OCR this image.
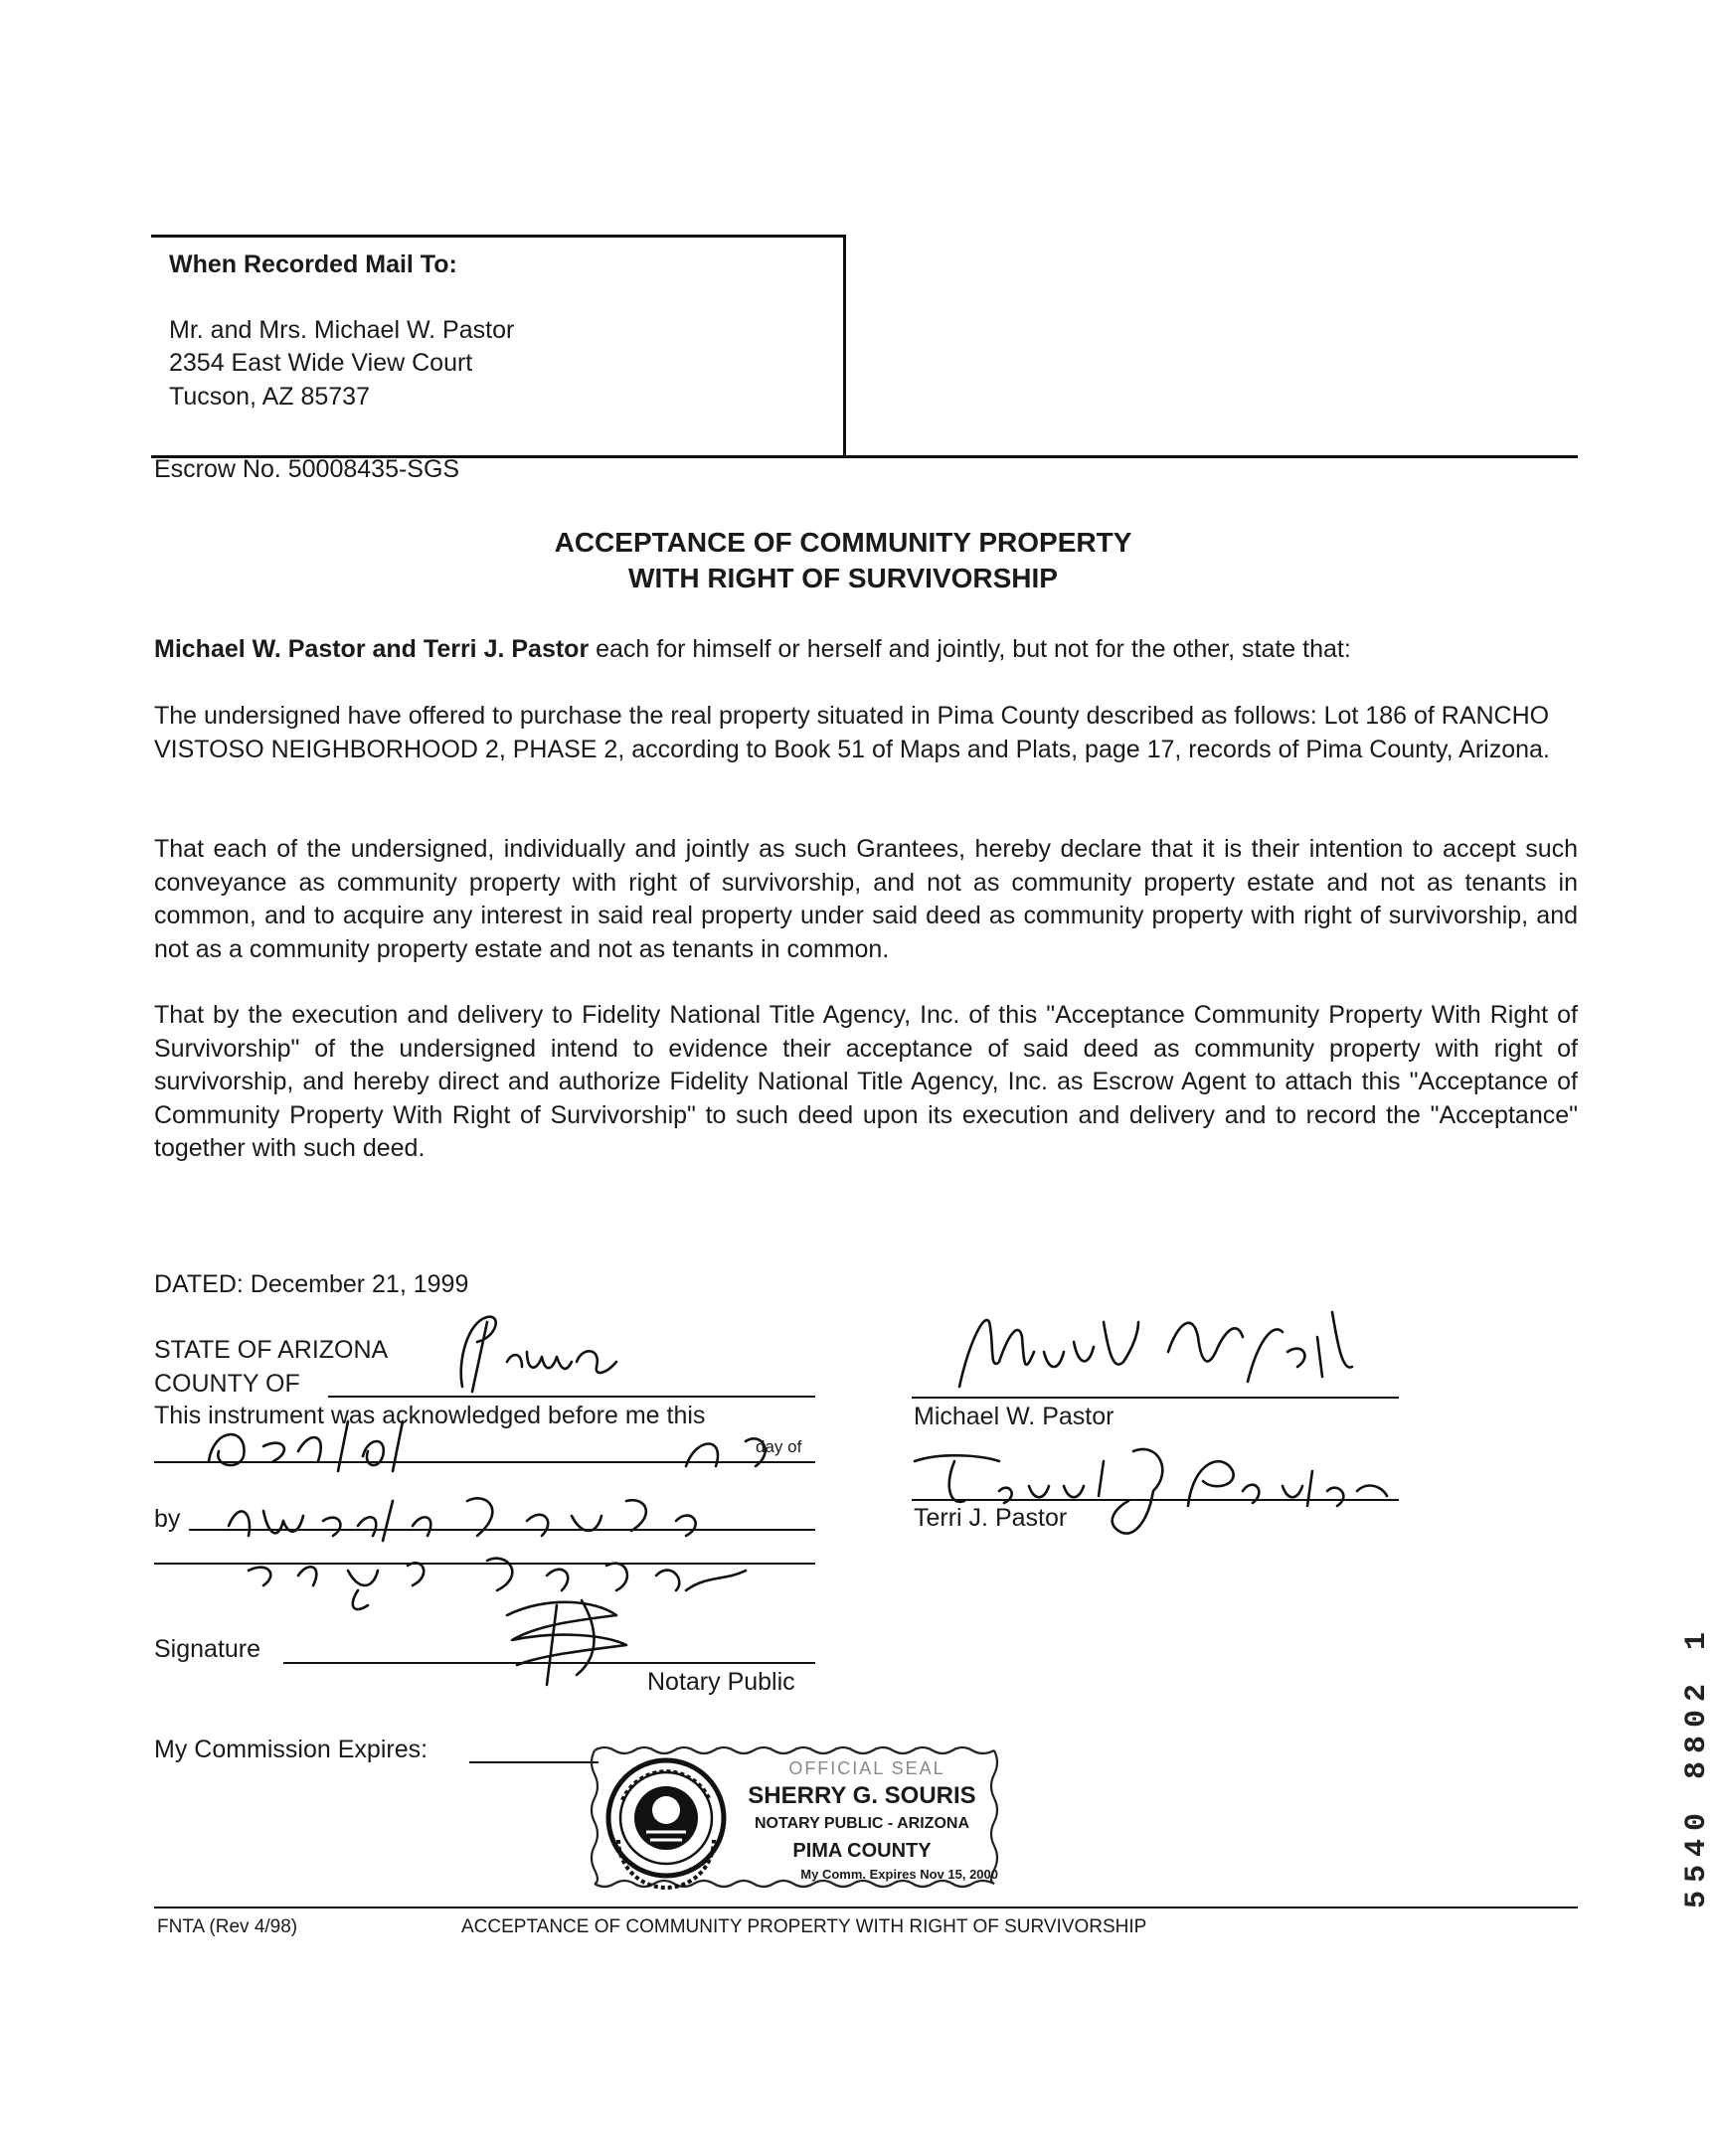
When Recorded Mail To:
Mr. and Mrs. Michael W. Pastor
2354 East Wide View Court
Tucson, AZ 85737
Escrow No. 50008435-SGS
ACCEPTANCE OF COMMUNITY PROPERTY
WITH RIGHT OF SURVIVORSHIP
Michael W. Pastor and Terri J. Pastor each for himself or herself and jointly, but not for the other, state that:
The undersigned have offered to purchase the real property situated in Pima County described as follows: Lot 186 of RANCHO VISTOSO NEIGHBORHOOD 2, PHASE 2, according to Book 51 of Maps and Plats, page 17, records of Pima County, Arizona.
That each of the undersigned, individually and jointly as such Grantees, hereby declare that it is their intention to accept such conveyance as community property with right of survivorship, and not as community property estate and not as tenants in common, and to acquire any interest in said real property under said deed as community property with right of survivorship, and not as a community property estate and not as tenants in common.
That by the execution and delivery to Fidelity National Title Agency, Inc. of this "Acceptance Community Property With Right of Survivorship" of the undersigned intend to evidence their acceptance of said deed as community property with right of survivorship, and hereby direct and authorize Fidelity National Title Agency, Inc. as Escrow Agent to attach this "Acceptance of Community Property With Right of Survivorship" to such deed upon its execution and delivery and to record the "Acceptance" together with such deed.
DATED: December 21, 1999
STATE OF ARIZONA
COUNTY OF
This instrument was acknowledged before me this
day of
by
Signature
Notary Public
My Commission Expires:
Michael W. Pastor
Terri J. Pastor
OFFICIAL SEAL
SHERRY G. SOURIS
NOTARY PUBLIC - ARIZONA
PIMA COUNTY
My Comm. Expires Nov 15, 2000	5540 8802 1
FNTA (Rev 4/98)	ACCEPTANCE OF COMMUNITY PROPERTY WITH RIGHT OF SURVIVORSHIP
